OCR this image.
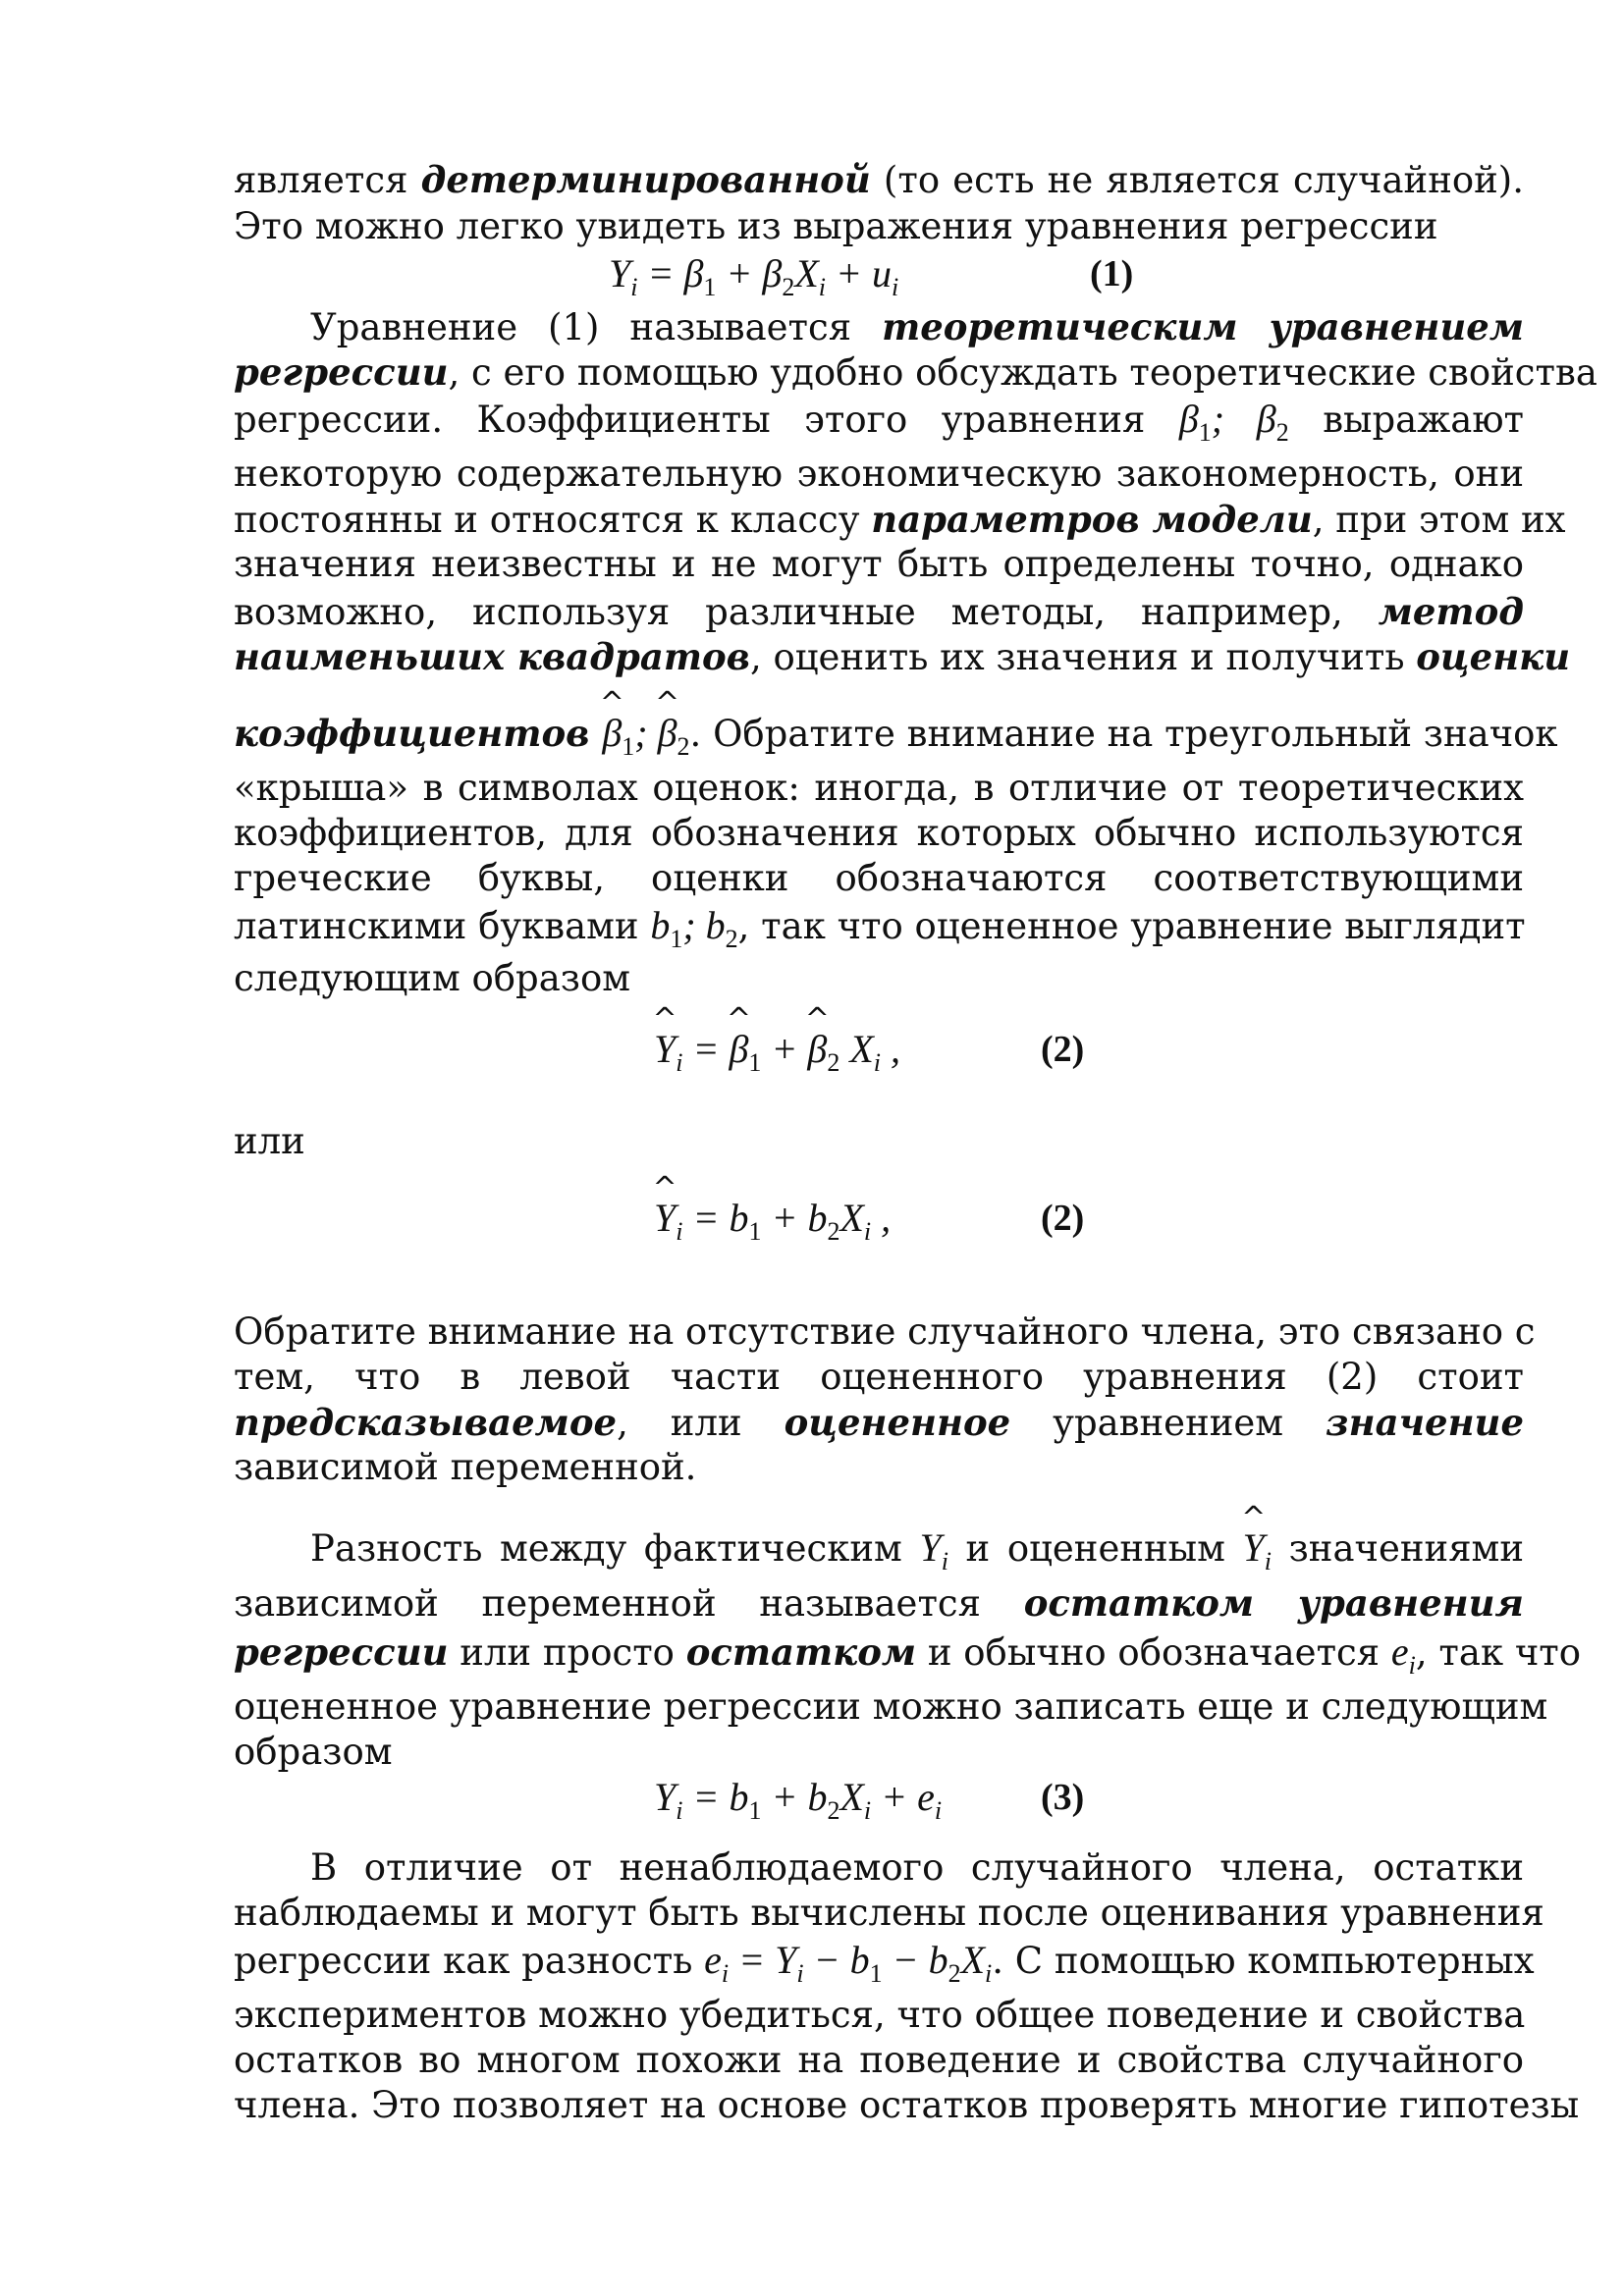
является детерминированной (то есть не является случайной).
Это можно легко увидеть из выражения уравнения регрессии
$Y_i = \beta_1 + \beta_2X_i + u_i$	(1)
Уравнение (1) называется теоретическим уравнением
регрессии, с его помощью удобно обсуждать теоретические свойства
регрессии. Коэффициенты этого уравнения $\beta_1$; $\beta_2$ выражают
некоторую содержательную экономическую закономерность, они
постоянны и относятся к классу параметров модели, при этом их
значения неизвестны и не могут быть определены точно, однако
возможно, используя различные методы, например, метод
наименьших квадратов, оценить их значения и получить оценки
коэффициентов ^ $\beta_1$; ^ $\beta_2$. Обратите внимание на треугольный значок
«крыша» в символах оценок: иногда, в отличие от теоретических
коэффициентов, для обозначения которых обычно используются
греческие буквы, оценки обозначаются соответствующими
латинскими буквами $b_1$; $b_2$, так что оцененное уравнение выглядит
следующим образом
^ $Y_i$ = ^ $\beta_1$ + ^ $\beta_2$ $X_i$ ,	(2)
или
^ $Y_i = b_1 + b_2X_i$ ,	(2)
Обратите внимание на отсутствие случайного члена, это связано с
тем, что в левой части оцененного уравнения (2) стоит
предсказываемое, или оцененное уравнением значение
зависимой переменной.
Разность между фактическим $Y_i$ и оцененным ^ $Y_i$ значениями
зависимой переменной называется остатком уравнения
регрессии или просто остатком и обычно обозначается $e_i$, так что
оцененное уравнение регрессии можно записать еще и следующим
образом
$Y_i = b_1 + b_2X_i + e_i$	(3)
В отличие от ненаблюдаемого случайного члена, остатки
наблюдаемы и могут быть вычислены после оценивания уравнения
регрессии как разность $e_i = Y_i - b_1 - b_2X_i$. С помощью компьютерных
экспериментов можно убедиться, что общее поведение и свойства
остатков во многом похожи на поведение и свойства случайного
члена. Это позволяет на основе остатков проверять многие гипотезы
